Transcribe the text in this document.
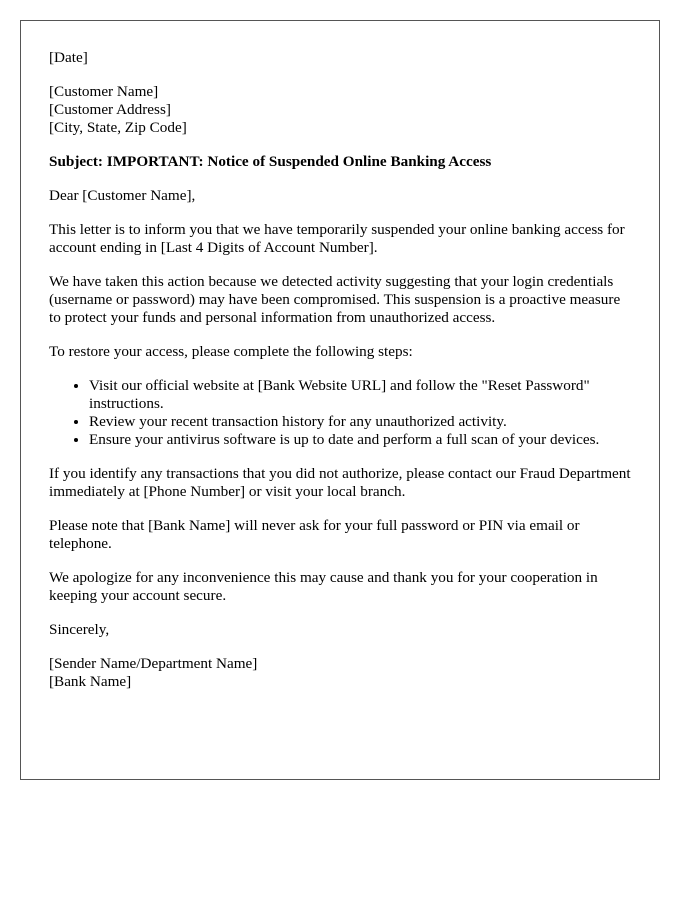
[Date]

[Customer Name]
[Customer Address]
[City, State, Zip Code]

Subject: IMPORTANT: Notice of Suspended Online Banking Access

Dear [Customer Name],

This letter is to inform you that we have temporarily suspended your online banking access for account ending in [Last 4 Digits of Account Number].

We have taken this action because we detected activity suggesting that your login credentials (username or password) may have been compromised. This suspension is a proactive measure to protect your funds and personal information from unauthorized access.

To restore your access, please complete the following steps:

• Visit our official website at [Bank Website URL] and follow the "Reset Password" instructions.
• Review your recent transaction history for any unauthorized activity.
• Ensure your antivirus software is up to date and perform a full scan of your devices.

If you identify any transactions that you did not authorize, please contact our Fraud Department immediately at [Phone Number] or visit your local branch.

Please note that [Bank Name] will never ask for your full password or PIN via email or telephone.

We apologize for any inconvenience this may cause and thank you for your cooperation in keeping your account secure.

Sincerely,

[Sender Name/Department Name]
[Bank Name]
